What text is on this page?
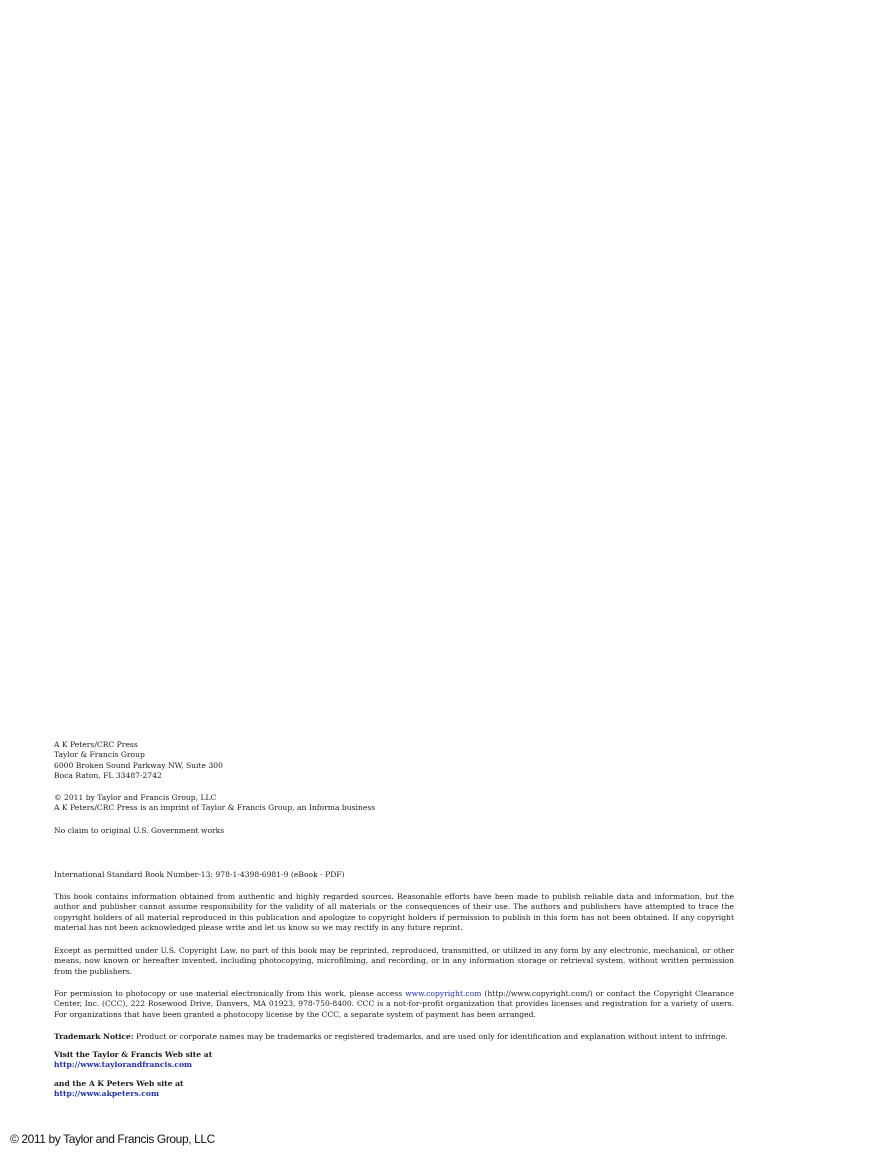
A K Peters/CRC Press

Taylor & Francis Group

6000 Broken Sound Parkway NW, Suite 300

Boca Raton, FL 33487-2742

© 2011 by Taylor and Francis Group, LLC

A K Peters/CRC Press is an imprint of Taylor & Francis Group, an Informa business

No claim to original U.S. Government works

International Standard Book Number-13: 978-1-4398-6981-9 (eBook - PDF)

This book contains information obtained from authentic and highly regarded sources. Reasonable efforts have been made to publish reliable data and information, but the author and publisher cannot assume responsibility for the validity of all materials or the consequences of their use. The authors and publishers have attempted to trace the copyright holders of all material reproduced in this publication and apologize to copyright holders if permission to publish in this form has not been obtained. If any copyright material has not been acknowledged please write and let us know so we may rectify in any future reprint.

Except as permitted under U.S. Copyright Law, no part of this book may be reprinted, reproduced, transmitted, or utilized in any form by any electronic, mechanical, or other means, now known or hereafter invented, including photocopying, microfilming, and recording, or in any information storage or retrieval system, without written permission from the publishers.

For permission to photocopy or use material electronically from this work, please access www.copyright.com (http://www.copyright.com/) or contact the Copyright Clearance Center, Inc. (CCC), 222 Rosewood Drive, Danvers, MA 01923, 978-750-8400. CCC is a not-for-profit organization that provides licenses and registration for a variety of users. For organizations that have been granted a photocopy license by the CCC, a separate system of payment has been arranged.

Trademark Notice: Product or corporate names may be trademarks or registered trademarks, and are used only for identification and explanation without intent to infringe.

Visit the Taylor & Francis Web site at

http://www.taylorandfrancis.com

and the A K Peters Web site at

http://www.akpeters.com

© 2011 by Taylor and Francis Group, LLC
